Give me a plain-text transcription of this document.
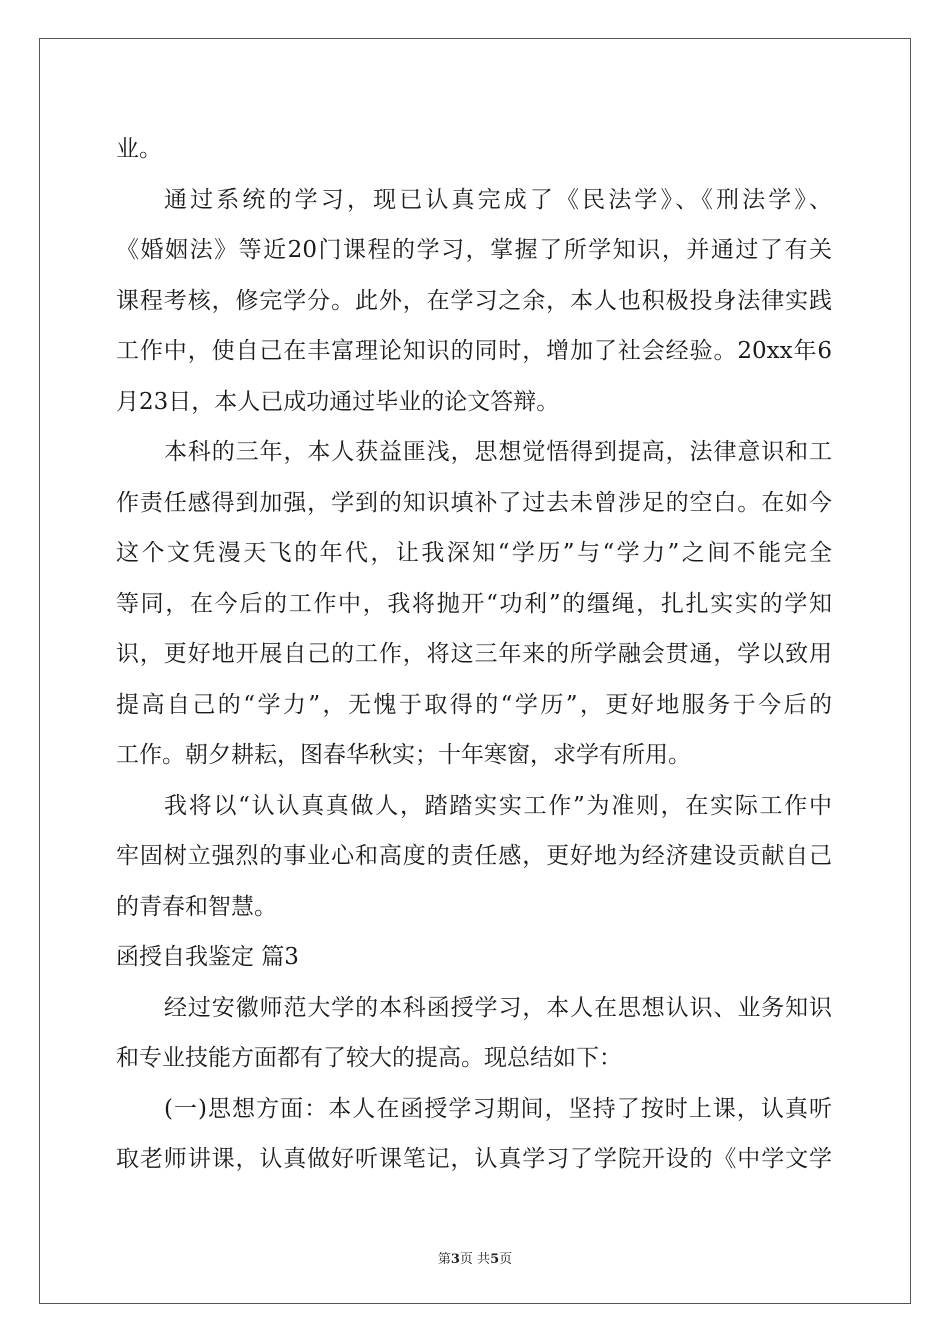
业。
通过系统的学习，现已认真完成了《民法学》、《刑法学》、
《婚姻法》等近20门课程的学习，掌握了所学知识，并通过了有关
课程考核，修完学分。此外，在学习之余，本人也积极投身法律实践
工作中，使自己在丰富理论知识的同时，增加了社会经验。20xx年6
月23日，本人已成功通过毕业的论文答辩。
本科的三年，本人获益匪浅，思想觉悟得到提高，法律意识和工
作责任感得到加强，学到的知识填补了过去未曾涉足的空白。在如今
这个文凭漫天飞的年代，让我深知“学历”与“学力”之间不能完全
等同，在今后的工作中，我将抛开“功利”的缰绳，扎扎实实的学知
识，更好地开展自己的工作，将这三年来的所学融会贯通，学以致用
提高自己的“学力”，无愧于取得的“学历”，更好地服务于今后的
工作。朝夕耕耘，图春华秋实；十年寒窗，求学有所用。
我将以“认认真真做人，踏踏实实工作”为准则，在实际工作中
牢固树立强烈的事业心和高度的责任感，更好地为经济建设贡献自己
的青春和智慧。
函授自我鉴定 篇3
经过安徽师范大学的本科函授学习，本人在思想认识、业务知识
和专业技能方面都有了较大的提高。现总结如下：
(一)思想方面：本人在函授学习期间，坚持了按时上课，认真听
取老师讲课，认真做好听课笔记，认真学习了学院开设的《中学文学
第3页 共5页
